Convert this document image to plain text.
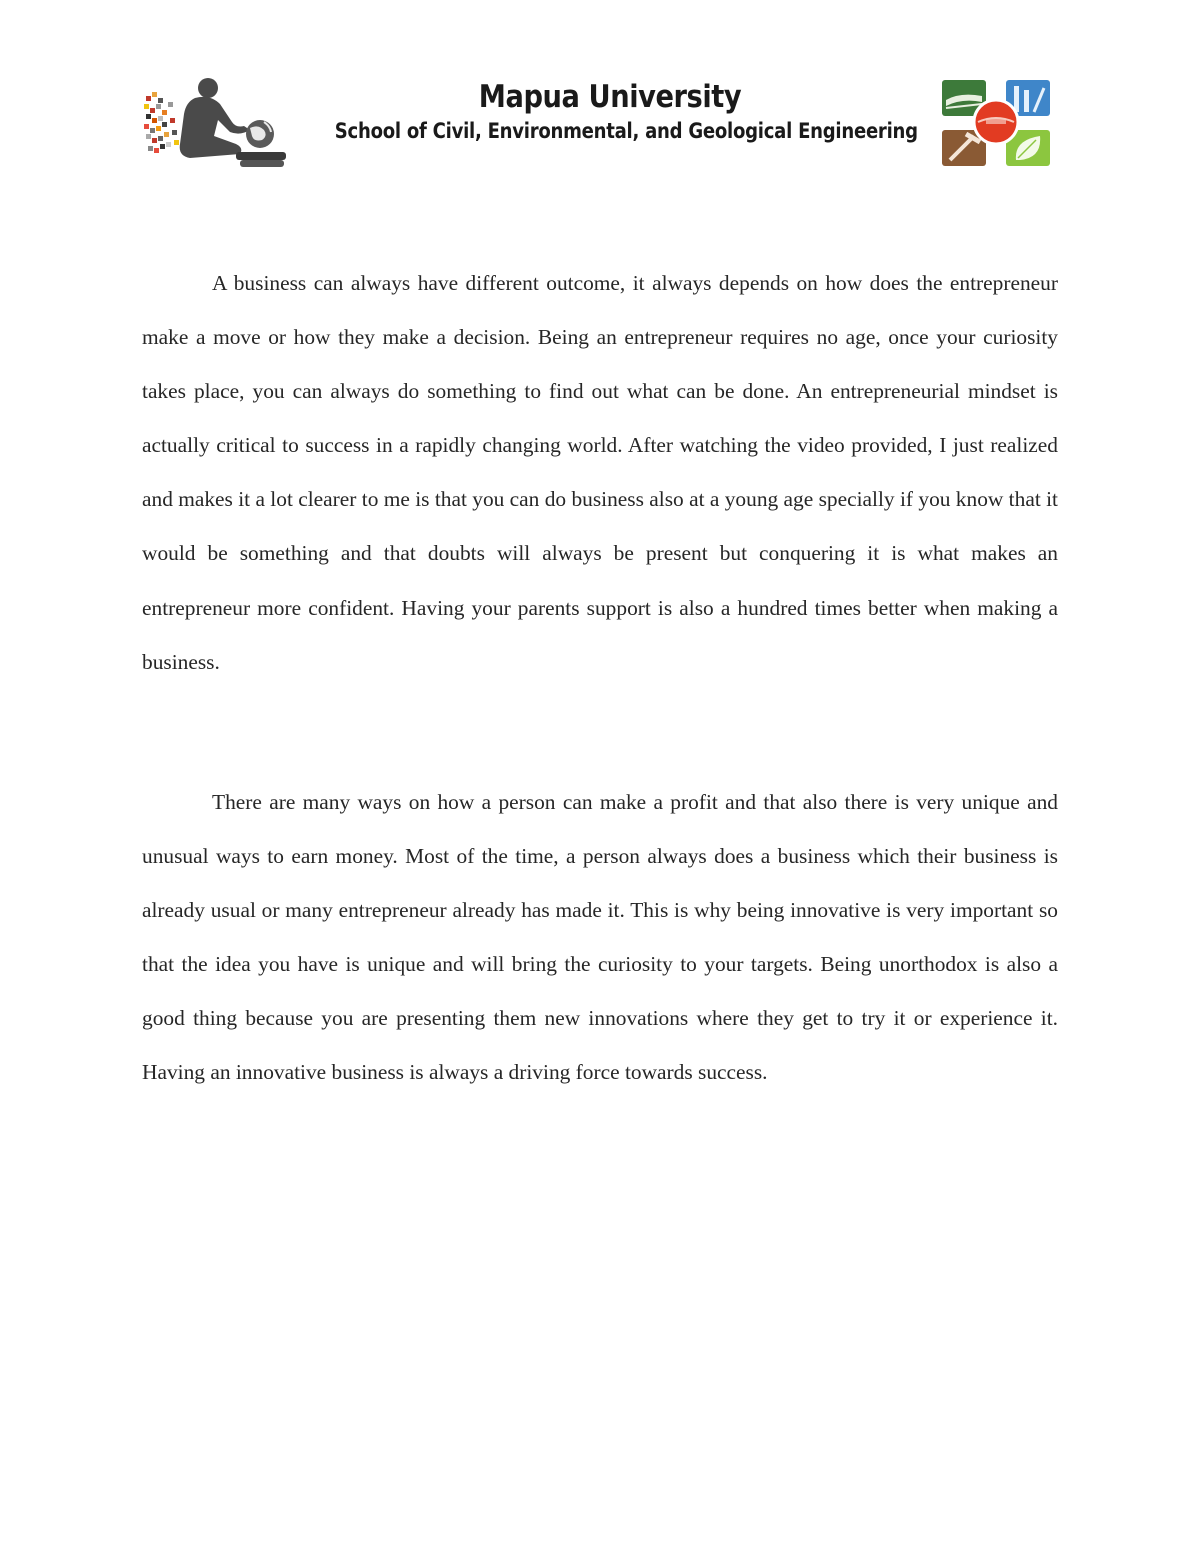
Mapua University
School of Civil, Environmental, and Geological Engineering

A business can always have different outcome, it always depends on how does the entrepreneur make a move or how they make a decision. Being an entrepreneur requires no age, once your curiosity takes place, you can always do something to find out what can be done. An entrepreneurial mindset is actually critical to success in a rapidly changing world. After watching the video provided, I just realized and makes it a lot clearer to me is that you can do business also at a young age specially if you know that it would be something and that doubts will always be present but conquering it is what makes an entrepreneur more confident. Having your parents support is also a hundred times better when making a business.

There are many ways on how a person can make a profit and that also there is very unique and unusual ways to earn money. Most of the time, a person always does a business which their business is already usual or many entrepreneur already has made it. This is why being innovative is very important so that the idea you have is unique and will bring the curiosity to your targets. Being unorthodox is also a good thing because you are presenting them new innovations where they get to try it or experience it. Having an innovative business is always a driving force towards success.
